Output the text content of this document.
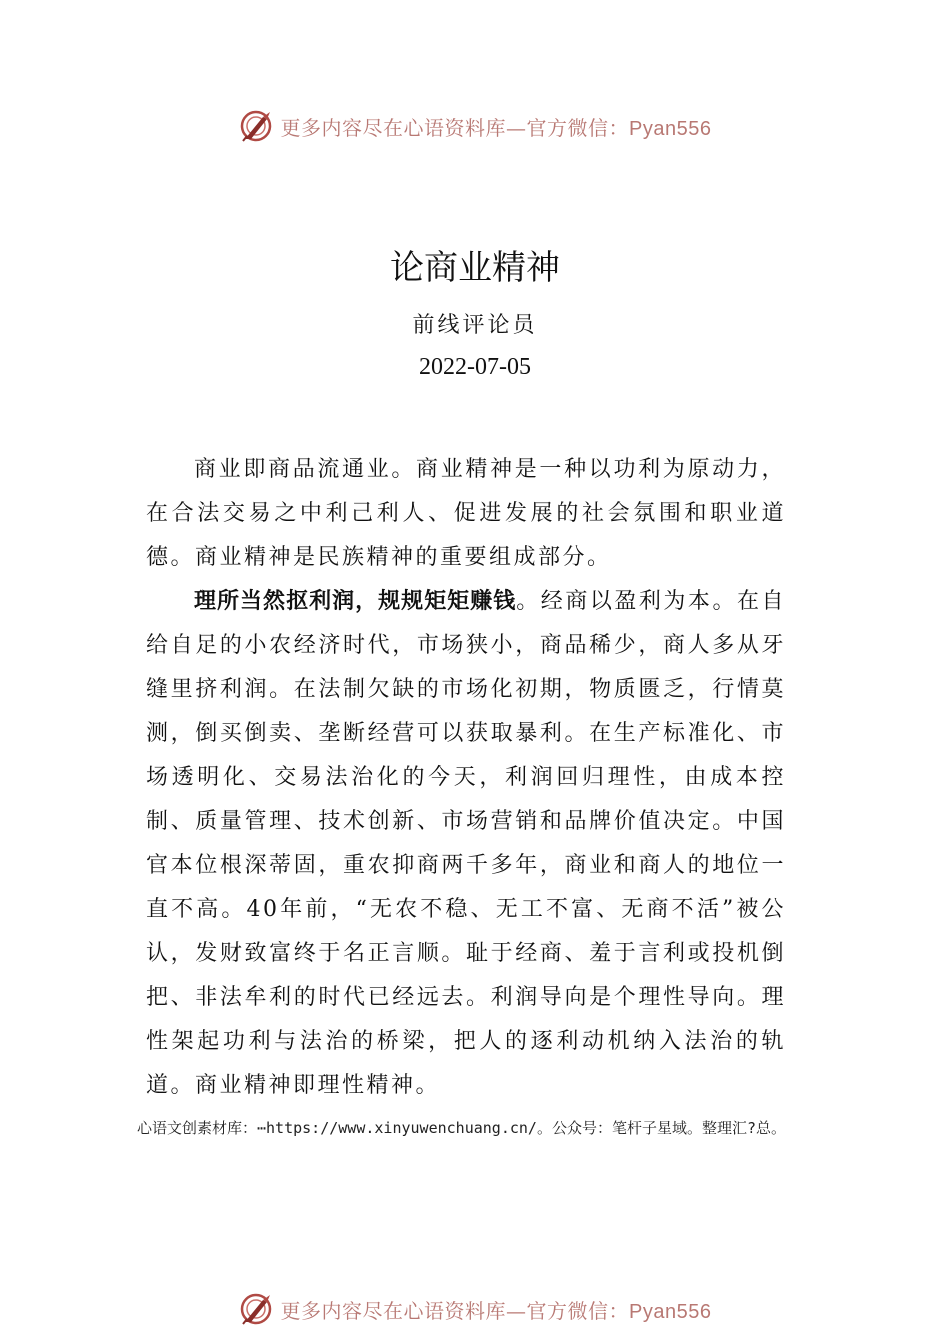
更多内容尽在心语资料库—官方微信：Pyan556
论商业精神
前线评论员
2022-07-05

商业即商品流通业。商业精神是一种以功利为原动力，在合法交易之中利己利人、促进发展的社会氛围和职业道德。商业精神是民族精神的重要组成部分。

理所当然抠利润，规规矩矩赚钱。经商以盈利为本。在自给自足的小农经济时代，市场狭小，商品稀少，商人多从牙缝里挤利润。在法制欠缺的市场化初期，物质匮乏，行情莫测，倒买倒卖、垄断经营可以获取暴利。在生产标准化、市场透明化、交易法治化的今天，利润回归理性，由成本控制、质量管理、技术创新、市场营销和品牌价值决定。中国官本位根深蒂固，重农抑商两千多年，商业和商人的地位一直不高。40年前，“无农不稳、无工不富、无商不活”被公认，发财致富终于名正言顺。耻于经商、羞于言利或投机倒把、非法牟利的时代已经远去。利润导向是个理性导向。理性架起功利与法治的桥梁，把人的逐利动机纳入法治的轨道。商业精神即理性精神。

心语文创素材库：⋯https://www.xinyuwenchuang.cn/。公众号：笔杆子星域。整理汇?总。
更多内容尽在心语资料库—官方微信：Pyan556
